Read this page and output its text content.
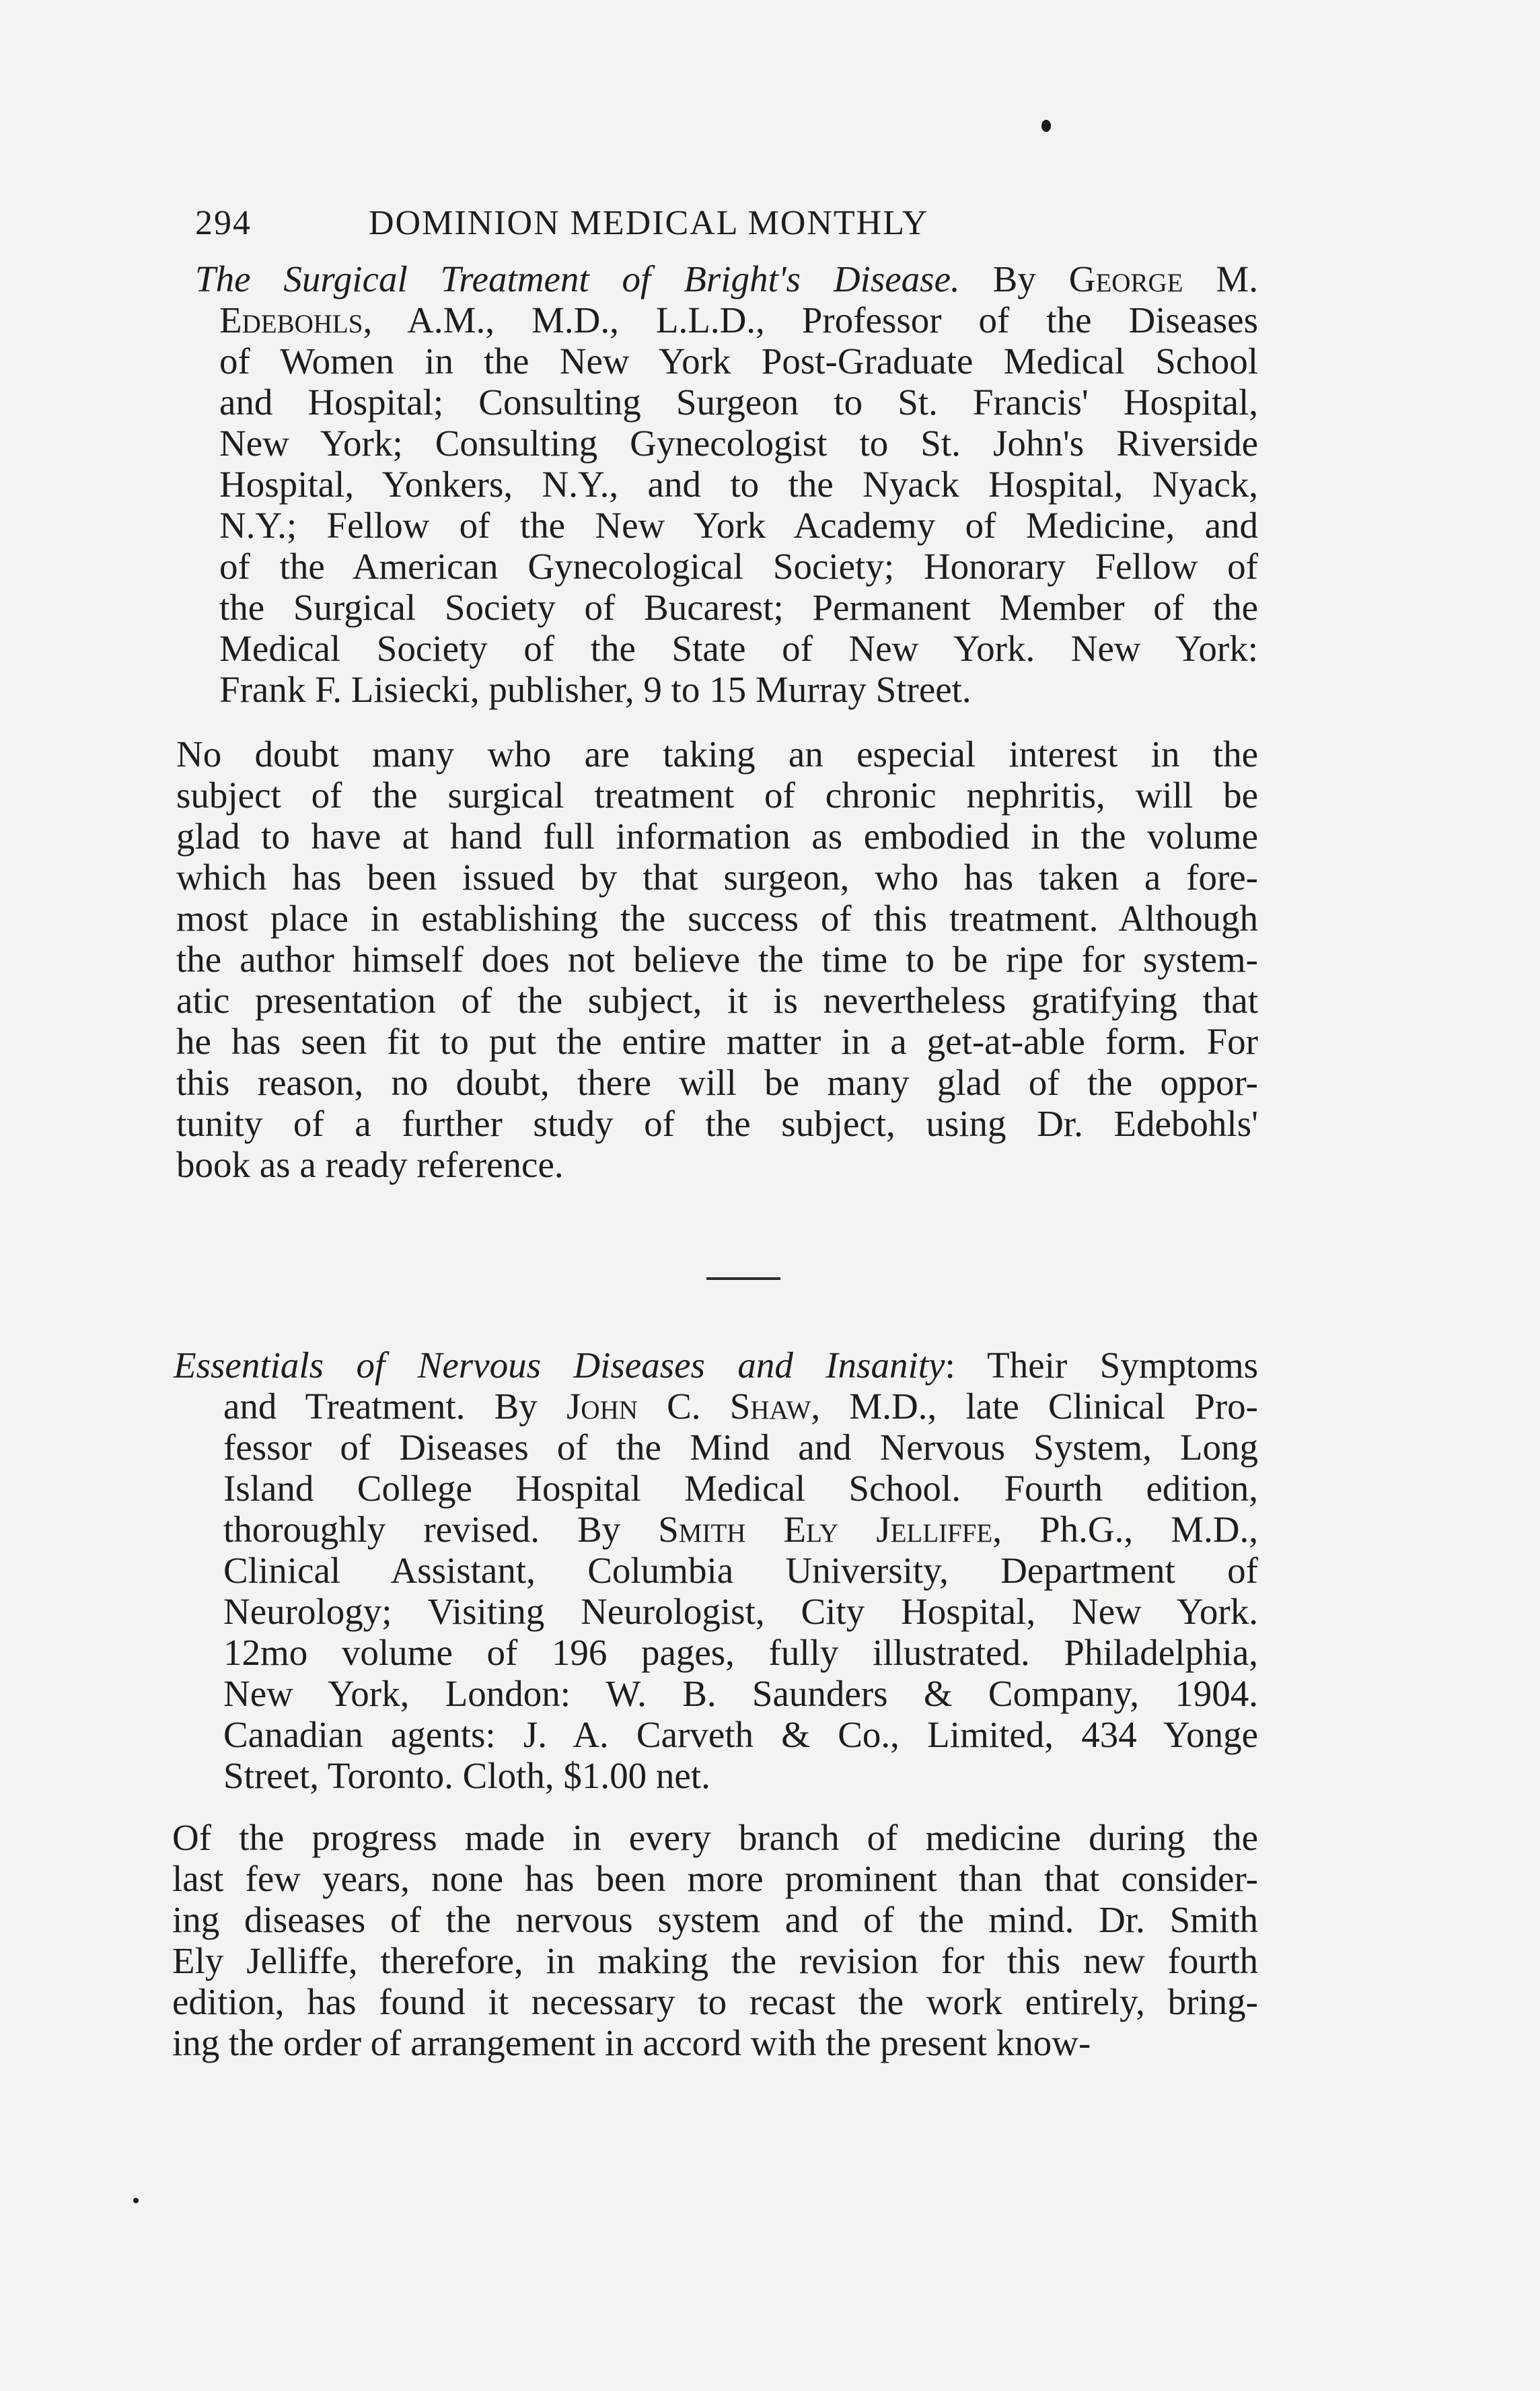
294	DOMINION MEDICAL MONTHLY
The Surgical Treatment of Bright's Disease. By George M.
Edebohls, A.M., M.D., L.L.D., Professor of the Diseases
of Women in the New York Post-Graduate Medical School
and Hospital; Consulting Surgeon to St. Francis' Hospital,
New York; Consulting Gynecologist to St. John's Riverside
Hospital, Yonkers, N.Y., and to the Nyack Hospital, Nyack,
N.Y.; Fellow of the New York Academy of Medicine, and
of the American Gynecological Society; Honorary Fellow of
the Surgical Society of Bucarest; Permanent Member of the
Medical Society of the State of New York. New York:
Frank F. Lisiecki, publisher, 9 to 15 Murray Street.
No doubt many who are taking an especial interest in the
subject of the surgical treatment of chronic nephritis, will be
glad to have at hand full information as embodied in the volume
which has been issued by that surgeon, who has taken a fore-
most place in establishing the success of this treatment. Although
the author himself does not believe the time to be ripe for system-
atic presentation of the subject, it is nevertheless gratifying that
he has seen fit to put the entire matter in a get-at-able form. For
this reason, no doubt, there will be many glad of the oppor-
tunity of a further study of the subject, using Dr. Edebohls'
book as a ready reference.
Essentials of Nervous Diseases and Insanity: Their Symptoms
and Treatment. By John C. Shaw, M.D., late Clinical Pro-
fessor of Diseases of the Mind and Nervous System, Long
Island College Hospital Medical School. Fourth edition,
thoroughly revised. By Smith Ely Jelliffe, Ph.G., M.D.,
Clinical Assistant, Columbia University, Department of
Neurology; Visiting Neurologist, City Hospital, New York.
12mo volume of 196 pages, fully illustrated. Philadelphia,
New York, London: W. B. Saunders & Company, 1904.
Canadian agents: J. A. Carveth & Co., Limited, 434 Yonge
Street, Toronto. Cloth, $1.00 net.
Of the progress made in every branch of medicine during the
last few years, none has been more prominent than that consider-
ing diseases of the nervous system and of the mind. Dr. Smith
Ely Jelliffe, therefore, in making the revision for this new fourth
edition, has found it necessary to recast the work entirely, bring-
ing the order of arrangement in accord with the present know-
